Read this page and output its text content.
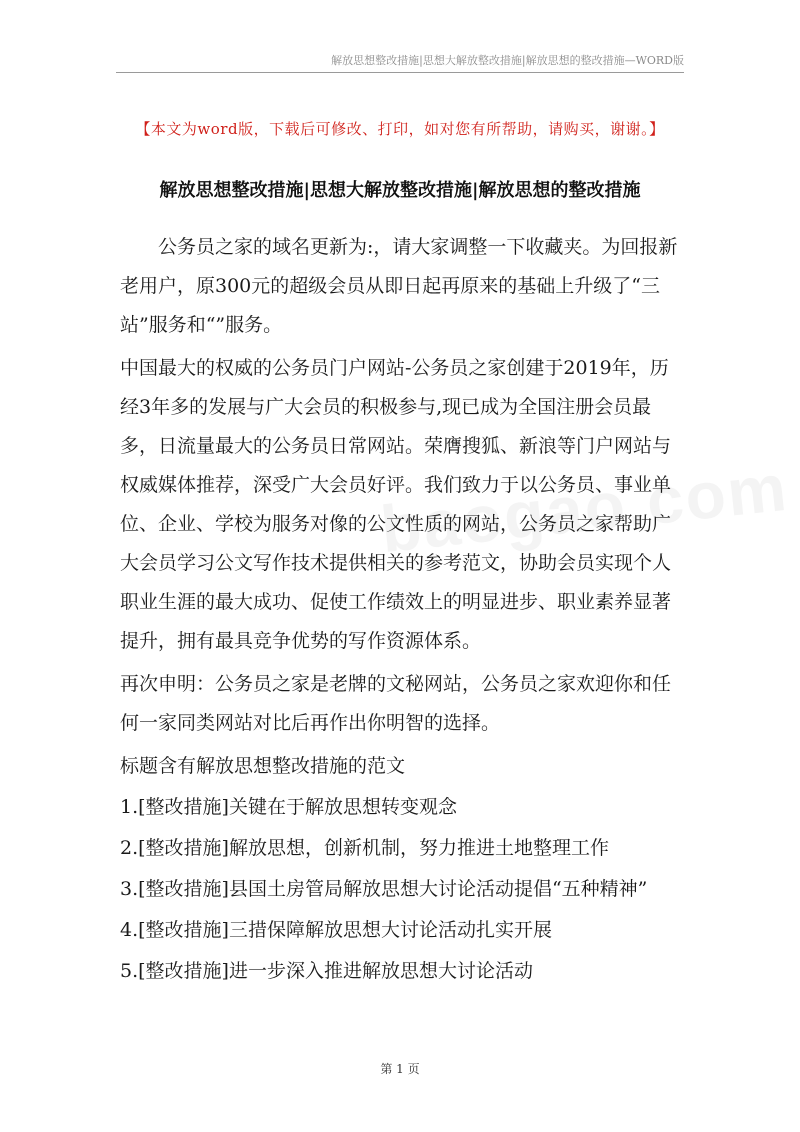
解放思想整改措施|思想大解放整改措施|解放思想的整改措施—WORD版
【本文为word版，下载后可修改、打印，如对您有所帮助，请购买，谢谢。】
解放思想整改措施|思想大解放整改措施|解放思想的整改措施

公务员之家的域名更新为:，请大家调整一下收藏夹。为回报新老用户，原300元的超级会员从即日起再原来的基础上升级了“三站”服务和“”服务。

中国最大的权威的公务员门户网站-公务员之家创建于2019年，历经3年多的发展与广大会员的积极参与,现已成为全国注册会员最多，日流量最大的公务员日常网站。荣膺搜狐、新浪等门户网站与权威媒体推荐，深受广大会员好评。我们致力于以公务员、事业单位、企业、学校为服务对像的公文性质的网站，公务员之家帮助广大会员学习公文写作技术提供相关的参考范文，协助会员实现个人职业生涯的最大成功、促使工作绩效上的明显进步、职业素养显著提升，拥有最具竞争优势的写作资源体系。

再次申明：公务员之家是老牌的文秘网站，公务员之家欢迎你和任何一家同类网站对比后再作出你明智的选择。

标题含有解放思想整改措施的范文

1.[整改措施]关键在于解放思想转变观念
2.[整改措施]解放思想，创新机制，努力推进土地整理工作
3.[整改措施]县国土房管局解放思想大讨论活动提倡“五种精神”
4.[整改措施]三措保障解放思想大讨论活动扎实开展
5.[整改措施]进一步深入推进解放思想大讨论活动
第 1 页
